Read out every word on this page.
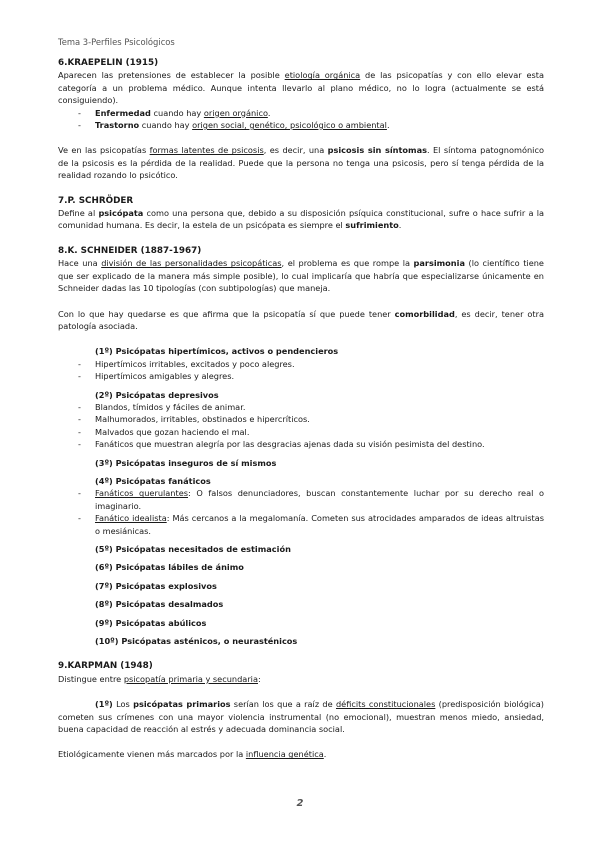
Tema 3-Perfiles Psicológicos
6.KRAEPELIN (1915)

Aparecen las pretensiones de establecer la posible etiología orgánica de las psicopatías y con ello elevar esta categoría a un problema médico. Aunque intenta llevarlo al plano médico, no lo logra (actualmente se está consiguiendo).

- Enfermedad cuando hay origen orgánico.
- Trastorno cuando hay origen social, genético, psicológico o ambiental.

Ve en las psicopatías formas latentes de psicosis, es decir, una psicosis sin síntomas. El síntoma patognomónico de la psicosis es la pérdida de la realidad. Puede que la persona no tenga una psicosis, pero sí tenga pérdida de la realidad rozando lo psicótico.

7.P. SCHRÖDER

Define al psicópata como una persona que, debido a su disposición psíquica constitucional, sufre o hace sufrir a la comunidad humana. Es decir, la estela de un psicópata es siempre el sufrimiento.

8.K. SCHNEIDER (1887-1967)

Hace una división de las personalidades psicopáticas, el problema es que rompe la parsimonia (lo científico tiene que ser explicado de la manera más simple posible), lo cual implicaría que habría que especializarse únicamente en Schneider dadas las 10 tipologías (con subtipologías) que maneja.

Con lo que hay quedarse es que afirma que la psicopatía sí que puede tener comorbilidad, es decir, tener otra patología asociada.

(1º) Psicópatas hipertímicos, activos o pendencieros

- Hipertímicos irritables, excitados y poco alegres.
- Hipertímicos amigables y alegres.

(2º) Psicópatas depresivos

- Blandos, tímidos y fáciles de animar.
- Malhumorados, irritables, obstinados e hipercríticos.
- Malvados que gozan haciendo el mal.
- Fanáticos que muestran alegría por las desgracias ajenas dada su visión pesimista del destino.

(3º) Psicópatas inseguros de sí mismos

(4º) Psicópatas fanáticos

- Fanáticos querulantes: O falsos denunciadores, buscan constantemente luchar por su derecho real o imaginario.
- Fanático idealista: Más cercanos a la megalomanía. Cometen sus atrocidades amparados de ideas altruistas o mesiánicas.

(5º) Psicópatas necesitados de estimación

(6º) Psicópatas lábiles de ánimo

(7º) Psicópatas explosivos

(8º) Psicópatas desalmados

(9º) Psicópatas abúlicos

(10º) Psicópatas asténicos, o neurasténicos

9.KARPMAN (1948)

Distingue entre psicopatía primaria y secundaria:

(1º) Los psicópatas primarios serían los que a raíz de déficits constitucionales (predisposición biológica) cometen sus crímenes con una mayor violencia instrumental (no emocional), muestran menos miedo, ansiedad, buena capacidad de reacción al estrés y adecuada dominancia social.

Etiológicamente vienen más marcados por la influencia genética.

2
